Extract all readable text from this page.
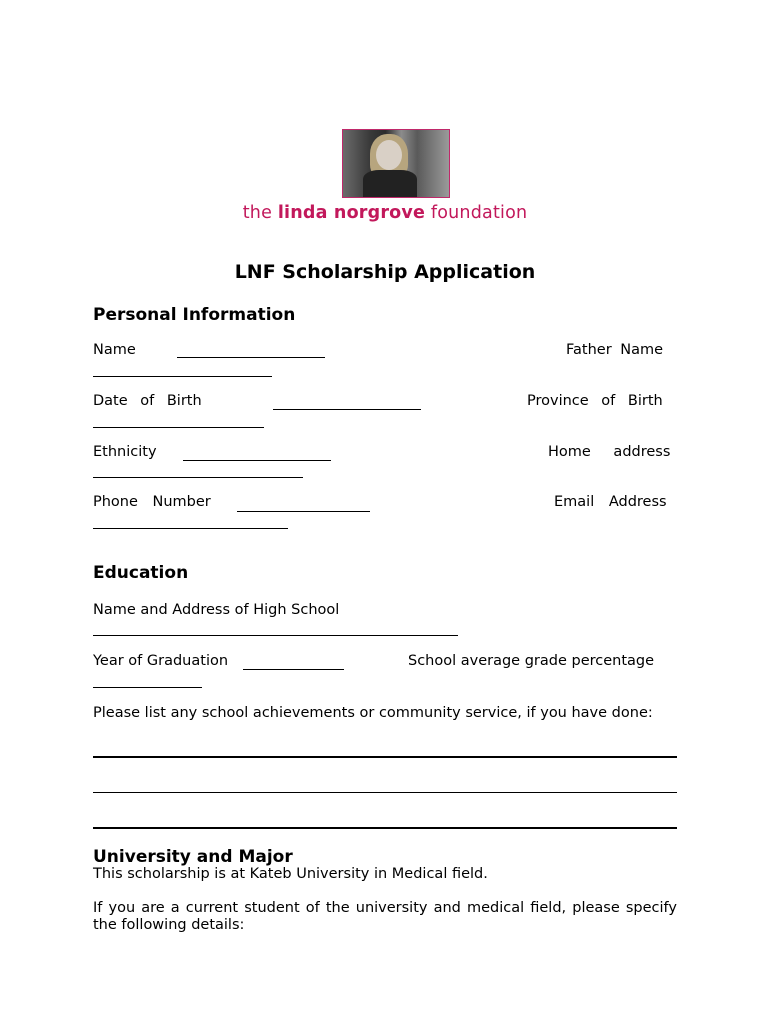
the linda norgrove foundation
LNF Scholarship Application
Personal Information
Name	Father Name
Date of Birth	Province of Birth
Ethnicity	Home address
Phone Number	Email Address
Education
Name and Address of High School
Year of Graduation	School average grade percentage
Please list any school achievements or community service, if you have done:
University and Major
This scholarship is at Kateb University in Medical field.
If you are a current student of the university and medical field, please specify the following details:
